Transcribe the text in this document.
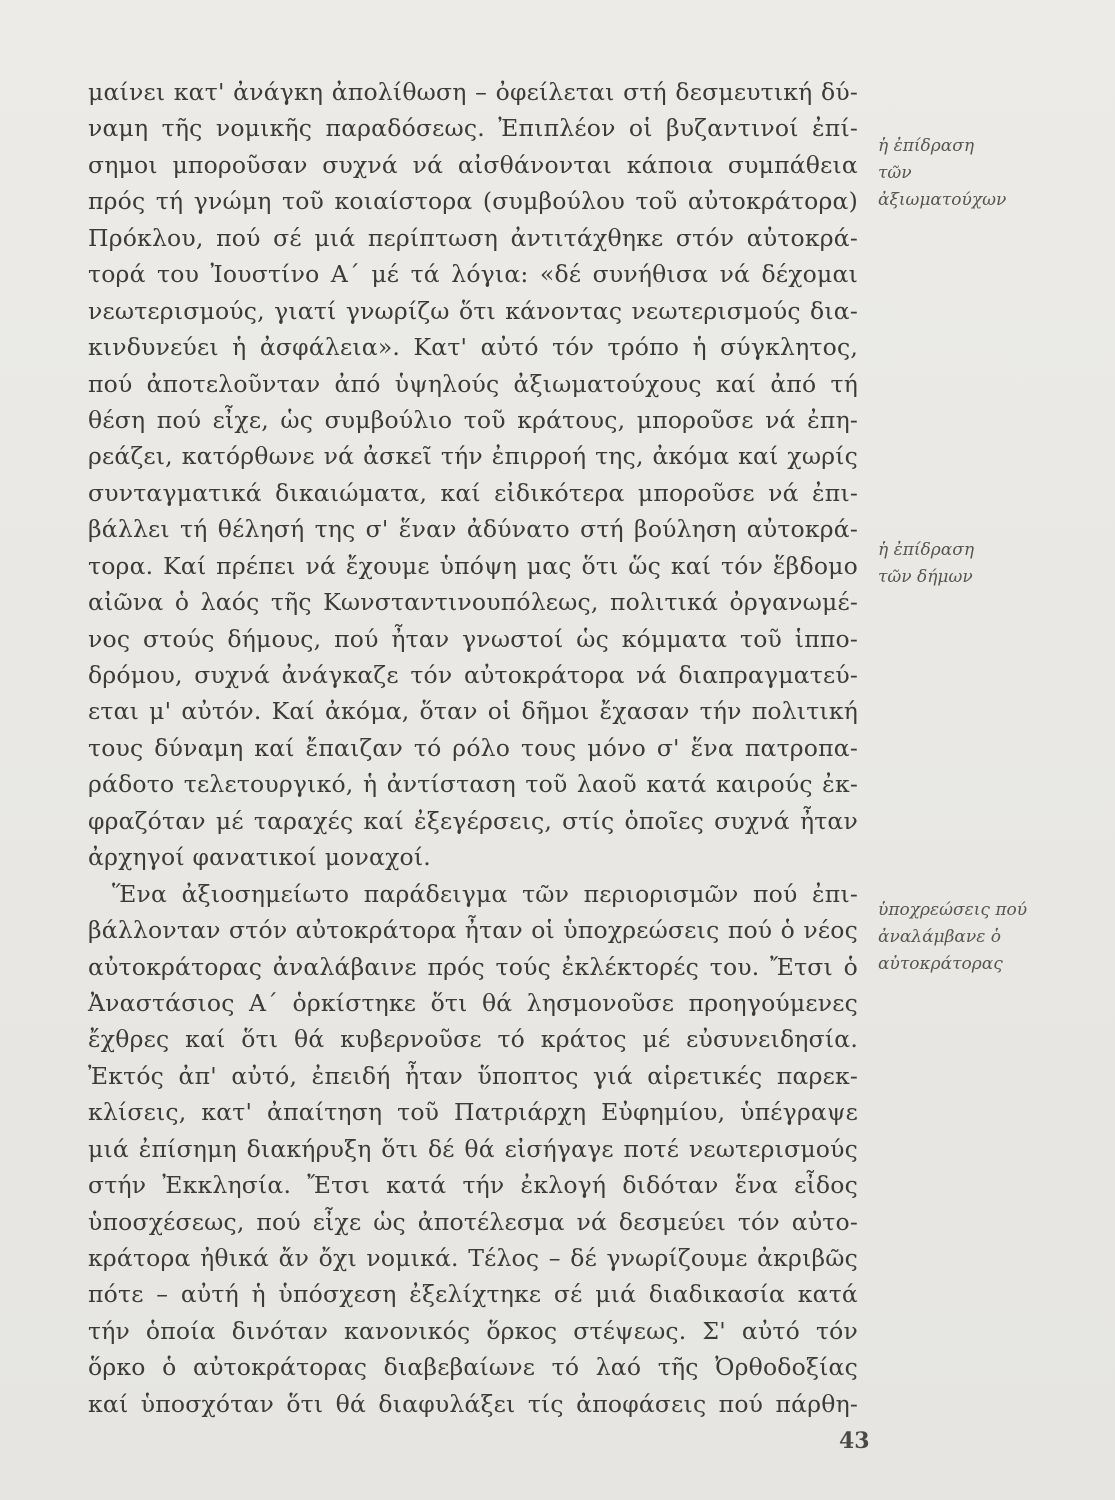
μαίνει κατ' ἀνάγκη ἀπολίθωση – ὀφείλεται στή δεσμευτική δύ-
ναμη τῆς νομικῆς παραδόσεως. Ἐπιπλέον οἱ βυζαντινοί ἐπί-
σημοι μποροῦσαν συχνά νά αἰσθάνονται κάποια συμπάθεια
πρός τή γνώμη τοῦ κοιαίστορα (συμβούλου τοῦ αὐτοκράτορα)
Πρόκλου, πού σέ μιά περίπτωση ἀντιτάχθηκε στόν αὐτοκρά-
τορά του Ἰουστίνο Α΄ μέ τά λόγια: «δέ συνήθισα νά δέχομαι
νεωτερισμούς, γιατί γνωρίζω ὅτι κάνοντας νεωτερισμούς δια-
κινδυνεύει ἡ ἀσφάλεια». Κατ' αὐτό τόν τρόπο ἡ σύγκλητος,
πού ἀποτελοῦνταν ἀπό ὑψηλούς ἀξιωματούχους καί ἀπό τή
θέση πού εἶχε, ὡς συμβούλιο τοῦ κράτους, μποροῦσε νά ἐπη-
ρεάζει, κατόρθωνε νά ἀσκεῖ τήν ἐπιρροή της, ἀκόμα καί χωρίς
συνταγματικά δικαιώματα, καί εἰδικότερα μποροῦσε νά ἐπι-
βάλλει τή θέλησή της σ' ἕναν ἀδύνατο στή βούληση αὐτοκρά-
τορα. Καί πρέπει νά ἔχουμε ὑπόψη μας ὅτι ὥς καί τόν ἕβδομο
αἰῶνα ὁ λαός τῆς Κωνσταντινουπόλεως, πολιτικά ὀργανωμέ-
νος στούς δήμους, πού ἦταν γνωστοί ὡς κόμματα τοῦ ἱππο-
δρόμου, συχνά ἀνάγκαζε τόν αὐτοκράτορα νά διαπραγματεύ-
εται μ' αὐτόν. Καί ἀκόμα, ὅταν οἱ δῆμοι ἔχασαν τήν πολιτική
τους δύναμη καί ἔπαιζαν τό ρόλο τους μόνο σ' ἕνα πατροπα-
ράδοτο τελετουργικό, ἡ ἀντίσταση τοῦ λαοῦ κατά καιρούς ἐκ-
φραζόταν μέ ταραχές καί ἐξεγέρσεις, στίς ὁποῖες συχνά ἦταν
ἀρχηγοί φανατικοί μοναχοί.
Ἕνα ἀξιοσημείωτο παράδειγμα τῶν περιορισμῶν πού ἐπι-
βάλλονταν στόν αὐτοκράτορα ἦταν οἱ ὑποχρεώσεις πού ὁ νέος
αὐτοκράτορας ἀναλάβαινε πρός τούς ἐκλέκτορές του. Ἔτσι ὁ
Ἀναστάσιος Α΄ ὁρκίστηκε ὅτι θά λησμονοῦσε προηγούμενες
ἔχθρες καί ὅτι θά κυβερνοῦσε τό κράτος μέ εὐσυνειδησία.
Ἐκτός ἀπ' αὐτό, ἐπειδή ἦταν ὕποπτος γιά αἱρετικές παρεκ-
κλίσεις, κατ' ἀπαίτηση τοῦ Πατριάρχη Εὐφημίου, ὑπέγραψε
μιά ἐπίσημη διακήρυξη ὅτι δέ θά εἰσήγαγε ποτέ νεωτερισμούς
στήν Ἐκκλησία. Ἔτσι κατά τήν ἐκλογή διδόταν ἕνα εἶδος
ὑποσχέσεως, πού εἶχε ὡς ἀποτέλεσμα νά δεσμεύει τόν αὐτο-
κράτορα ἠθικά ἄν ὄχι νομικά. Τέλος – δέ γνωρίζουμε ἀκριβῶς
πότε – αὐτή ἡ ὑπόσχεση ἐξελίχτηκε σέ μιά διαδικασία κατά
τήν ὁποία δινόταν κανονικός ὅρκος στέψεως. Σ' αὐτό τόν
ὅρκο ὁ αὐτοκράτορας διαβεβαίωνε τό λαό τῆς Ὀρθοδοξίας
καί ὑποσχόταν ὅτι θά διαφυλάξει τίς ἀποφάσεις πού πάρθη-
ἡ ἐπίδραση
τῶν
ἀξιωματούχων
ἡ ἐπίδραση
τῶν δήμων
ὑποχρεώσεις πού
ἀναλάμβανε ὁ
αὐτοκράτορας
43
